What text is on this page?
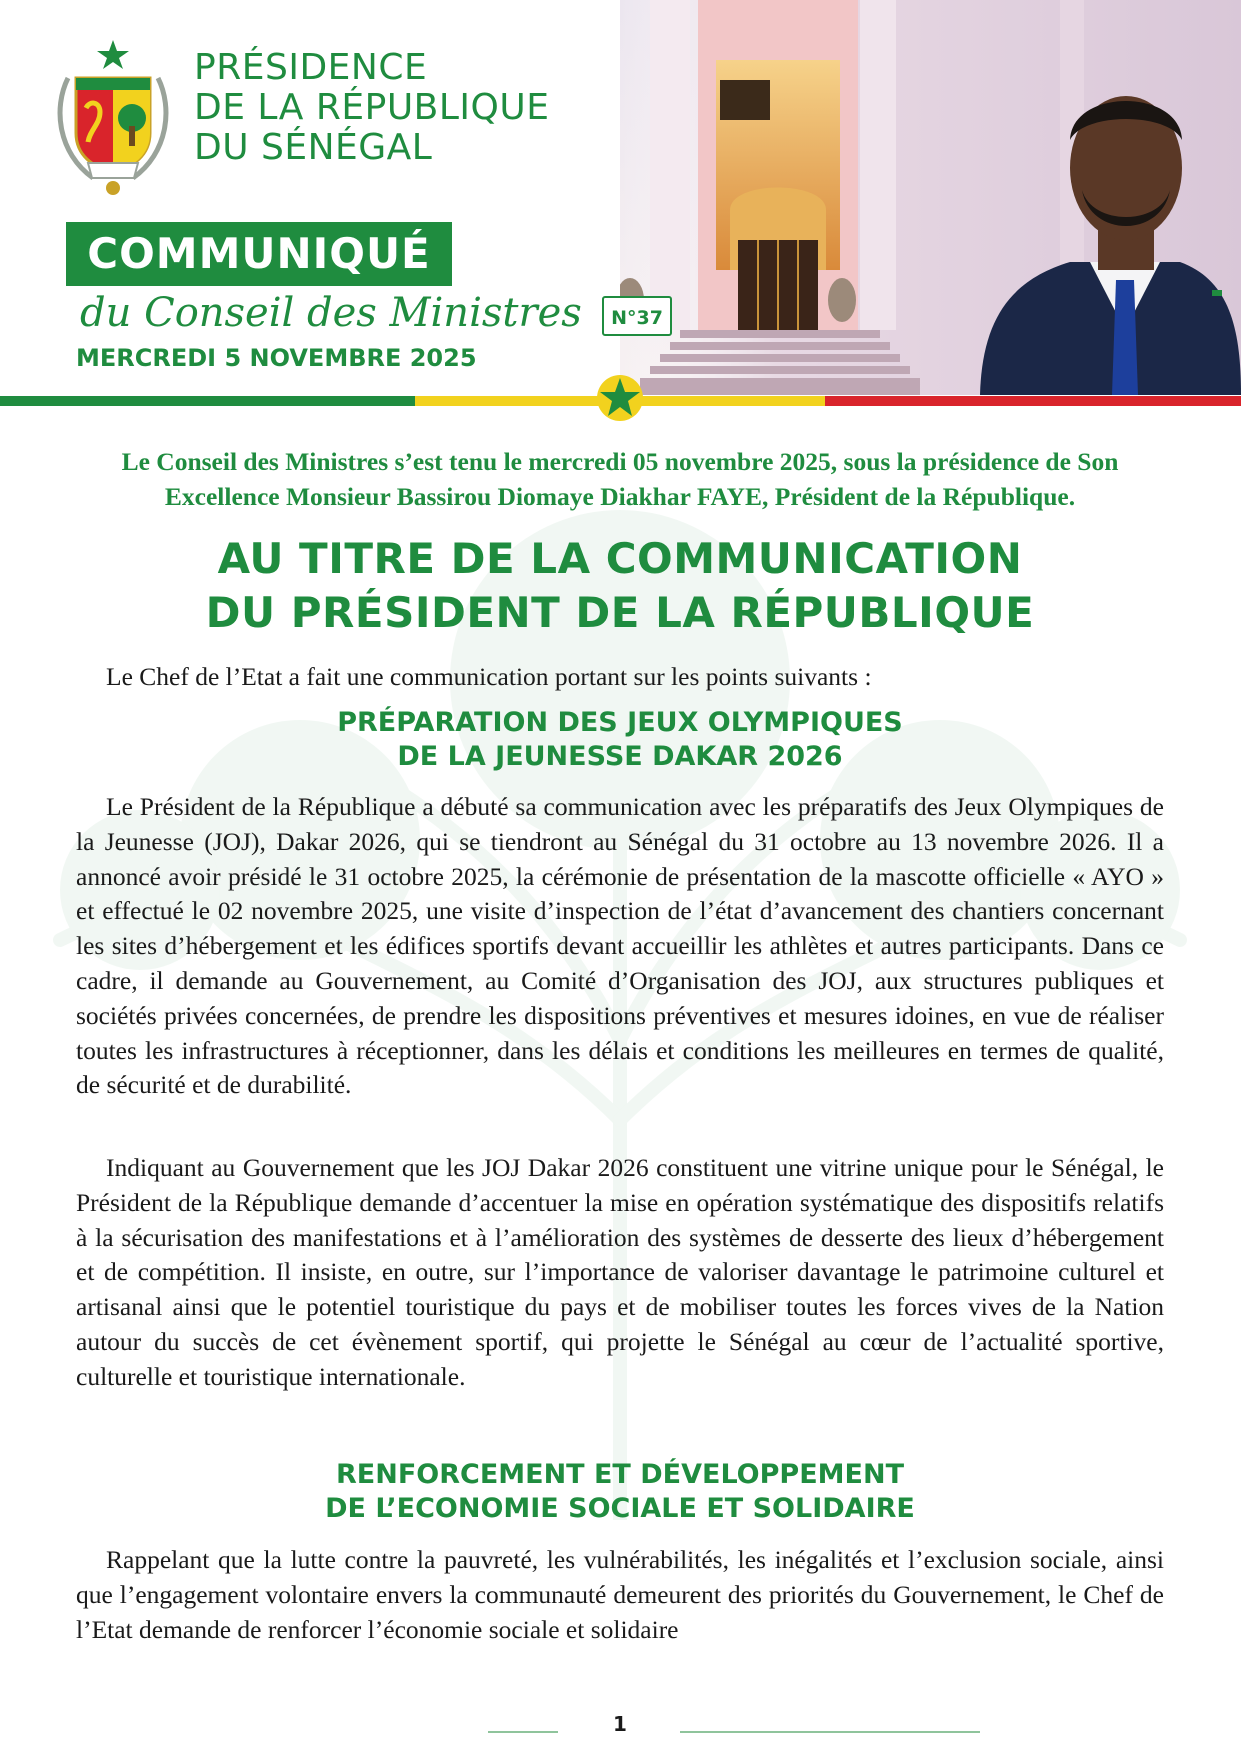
PRÉSIDENCE
DE LA RÉPUBLIQUE
DU SÉNÉGAL
COMMUNIQUÉ
du Conseil des Ministres	N°37
MERCREDI 5 NOVEMBRE 2025
Le Conseil des Ministres s’est tenu le mercredi 05 novembre 2025, sous la présidence de Son Excellence Monsieur Bassirou Diomaye Diakhar FAYE, Président de la République.
AU TITRE DE LA COMMUNICATION
DU PRÉSIDENT DE LA RÉPUBLIQUE
Le Chef de l’Etat a fait une communication portant sur les points suivants :
PRÉPARATION DES JEUX OLYMPIQUES
DE LA JEUNESSE DAKAR 2026
Le Président de la République a débuté sa communication avec les préparatifs des Jeux Olympiques de la Jeunesse (JOJ), Dakar 2026, qui se tiendront au Sénégal du 31 octobre au 13 novembre 2026. Il a annoncé avoir présidé le 31 octobre 2025, la cérémonie de présentation de la mascotte officielle « AYO » et effectué le 02 novembre 2025, une visite d’inspection de l’état d’avancement des chantiers concernant les sites d’hébergement et les édifices sportifs devant accueillir les athlètes et autres participants. Dans ce cadre, il demande au Gouvernement, au Comité d’Organisation des JOJ, aux structures publiques et sociétés privées concernées, de prendre les dispositions préventives et mesures idoines, en vue de réaliser toutes les infrastructures à réceptionner, dans les délais et conditions les meilleures en termes de qualité, de sécurité et de durabilité.
Indiquant au Gouvernement que les JOJ Dakar 2026 constituent une vitrine unique pour le Sénégal, le Président de la République demande d’accentuer la mise en opération systématique des dispositifs relatifs à la sécurisation des manifestations et à l’amélioration des systèmes de desserte des lieux d’hébergement et de compétition. Il insiste, en outre, sur l’importance de valoriser davantage le patrimoine culturel et artisanal ainsi que le potentiel touristique du pays et de mobiliser toutes les forces vives de la Nation autour du succès de cet évènement sportif, qui projette le Sénégal au cœur de l’actualité sportive, culturelle et touristique internationale.
RENFORCEMENT ET DÉVELOPPEMENT
DE L’ECONOMIE SOCIALE ET SOLIDAIRE
Rappelant que la lutte contre la pauvreté, les vulnérabilités, les inégalités et l’exclusion sociale, ainsi que l’engagement volontaire envers la communauté demeurent des priorités du Gouvernement, le Chef de l’Etat demande de renforcer l’économie sociale et solidaire
1
